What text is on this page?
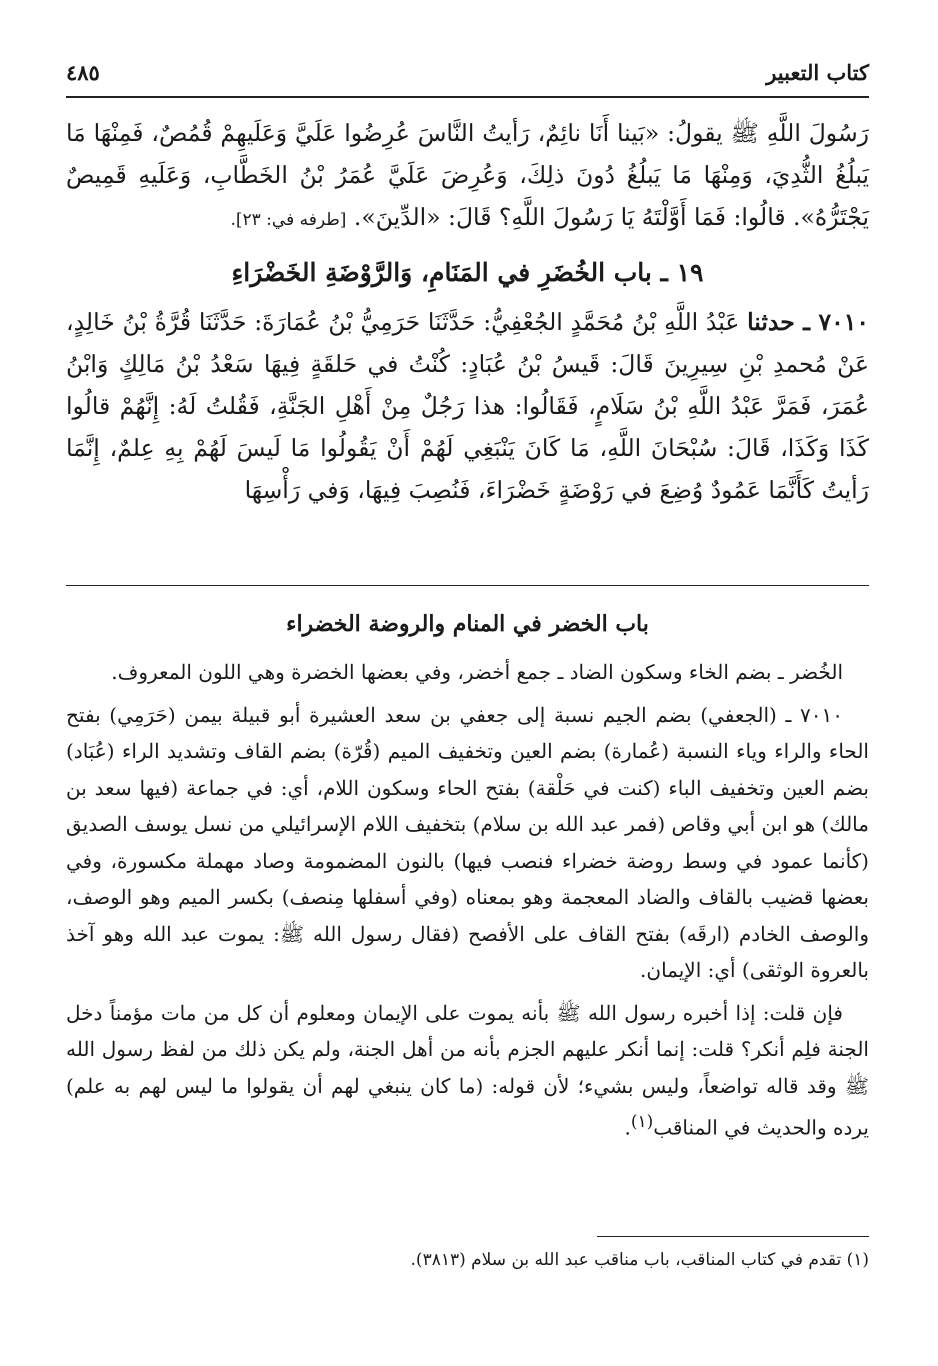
كتاب التعبير
٤٨٥

رَسُولَ اللَّهِ ﷺ يقولُ: «بَينا أَنَا نائِمٌ، رَأيتُ النَّاسَ عُرِضُوا عَلَيَّ وَعَلَيهِمْ قُمُصٌ، فَمِنْهَا مَا يَبلُغُ الثُّدِيَ، وَمِنْهَا مَا يَبلُغُ دُونَ ذلِكَ، وَعُرِضَ عَلَيَّ عُمَرُ بْنُ الخَطَّابِ، وَعَلَيهِ قَمِيصٌ يَجْتَرُّهُ». قالُوا: فَمَا أَوَّلْتَهُ يَا رَسُولَ اللَّهِ؟ قَالَ: «الدِّينَ». [طرفه في: ٢٣].

١٩ ـ باب الخُضَرِ في المَنَامِ، وَالرَّوْضَةِ الخَضْرَاءِ

٧٠١٠ ـ حدثنا عَبْدُ اللَّهِ بْنُ مُحَمَّدٍ الجُعْفِيُّ: حَدَّثَنَا حَرَمِيُّ بْنُ عُمَارَةَ: حَدَّثَنَا قُرَّةُ بْنُ خَالِدٍ، عَنْ مُحمدِ بْنِ سِيرِينَ قَالَ: قَيسُ بْنُ عُبَادٍ: كُنْتُ في حَلقَةٍ فِيهَا سَعْدُ بْنُ مَالِكٍ وَابْنُ عُمَرَ، فَمَرَّ عَبْدُ اللَّهِ بْنُ سَلَامٍ، فَقَالُوا: هذا رَجُلٌ مِنْ أَهْلِ الجَنَّةِ، فَقُلتُ لَهُ: إِنَّهُمْ قالُوا كَذَا وَكَذَا، قَالَ: سُبْحَانَ اللَّهِ، مَا كَانَ يَنْبَغِي لَهُمْ أَنْ يَقُولُوا مَا لَيسَ لَهُمْ بِهِ عِلمٌ، إِنَّمَا رَأيتُ كَأَنَّمَا عَمُودٌ وُضِعَ في رَوْضَةٍ خَضْرَاءَ، فَنُصِبَ فِيهَا، وَفي رَأْسِهَا

باب الخضر في المنام والروضة الخضراء

الخُضر ـ بضم الخاء وسكون الضاد ـ جمع أخضر، وفي بعضها الخضرة وهي اللون المعروف.

٧٠١٠ ـ (الجعفي) بضم الجيم نسبة إلى جعفي بن سعد العشيرة أبو قبيلة بيمن (حَرَمِي) بفتح الحاء والراء وياء النسبة (عُمارة) بضم العين وتخفيف الميم (قُرّة) بضم القاف وتشديد الراء (عُبَاد) بضم العين وتخفيف الباء (كنت في حَلْقة) بفتح الحاء وسكون اللام، أي: في جماعة (فيها سعد بن مالك) هو ابن أبي وقاص (فمر عبد الله بن سلام) بتخفيف اللام الإسرائيلي من نسل يوسف الصديق (كأنما عمود في وسط روضة خضراء فنصب فيها) بالنون المضمومة وصاد مهملة مكسورة، وفي بعضها قضيب بالقاف والضاد المعجمة وهو بمعناه (وفي أسفلها مِنصف) بكسر الميم وهو الوصف، والوصف الخادم (ارقَه) بفتح القاف على الأفصح (فقال رسول الله ﷺ: يموت عبد الله وهو آخذ بالعروة الوثقى) أي: الإيمان.

فإن قلت: إذا أخبره رسول الله ﷺ بأنه يموت على الإيمان ومعلوم أن كل من مات مؤمناً دخل الجنة فلِم أنكر؟ قلت: إنما أنكر عليهم الجزم بأنه من أهل الجنة، ولم يكن ذلك من لفظ رسول الله ﷺ وقد قاله تواضعاً، وليس بشيء؛ لأن قوله: (ما كان ينبغي لهم أن يقولوا ما ليس لهم به علم) يرده والحديث في المناقب$^{(١)}$.

(١) تقدم في كتاب المناقب، باب مناقب عبد الله بن سلام (٣٨١٣).
